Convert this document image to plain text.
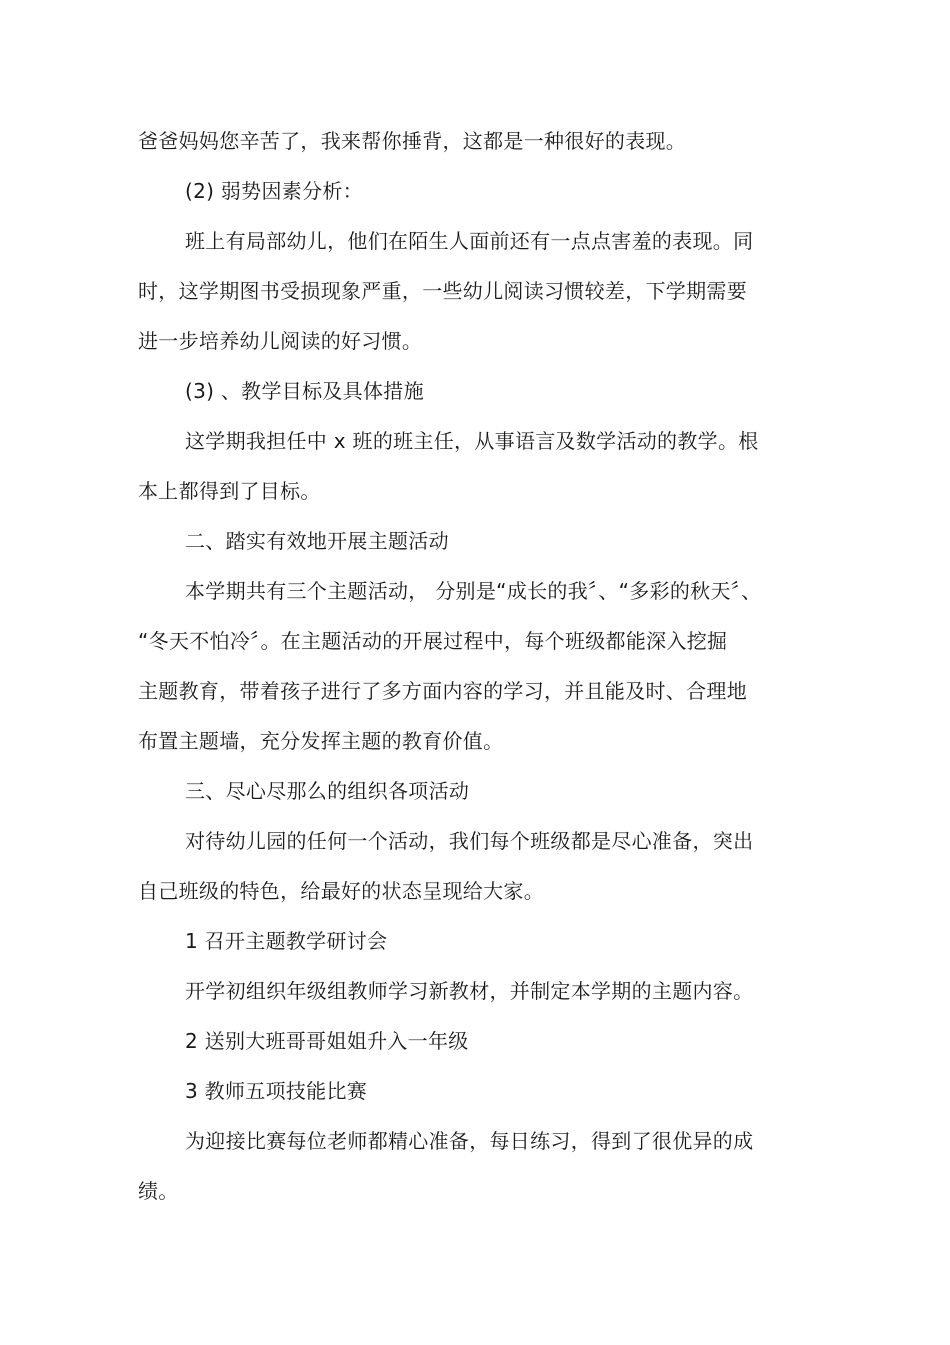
爸爸妈妈您辛苦了，我来帮你捶背，这都是一种很好的表现。
(2) 弱势因素分析：
班上有局部幼儿，他们在陌生人面前还有一点点害羞的表现。同
时，这学期图书受损现象严重，一些幼儿阅读习惯较差，下学期需要
进一步培养幼儿阅读的好习惯。
(3) 、教学目标及具体措施
这学期我担任中 x 班的班主任，从事语言及数学活动的教学。根
本上都得到了目标。
二、踏实有效地开展主题活动
本学期共有三个主题活动， 分别是“成长的我〞、“多彩的秋天〞、
“冬天不怕冷〞。在主题活动的开展过程中，每个班级都能深入挖掘
主题教育，带着孩子进行了多方面内容的学习，并且能及时、合理地
布置主题墙，充分发挥主题的教育价值。
三、尽心尽那么的组织各项活动
对待幼儿园的任何一个活动，我们每个班级都是尽心准备，突出
自己班级的特色，给最好的状态呈现给大家。
1 召开主题教学研讨会
开学初组织年级组教师学习新教材，并制定本学期的主题内容。
2 送别大班哥哥姐姐升入一年级
3 教师五项技能比赛
为迎接比赛每位老师都精心准备，每日练习，得到了很优异的成
绩。
